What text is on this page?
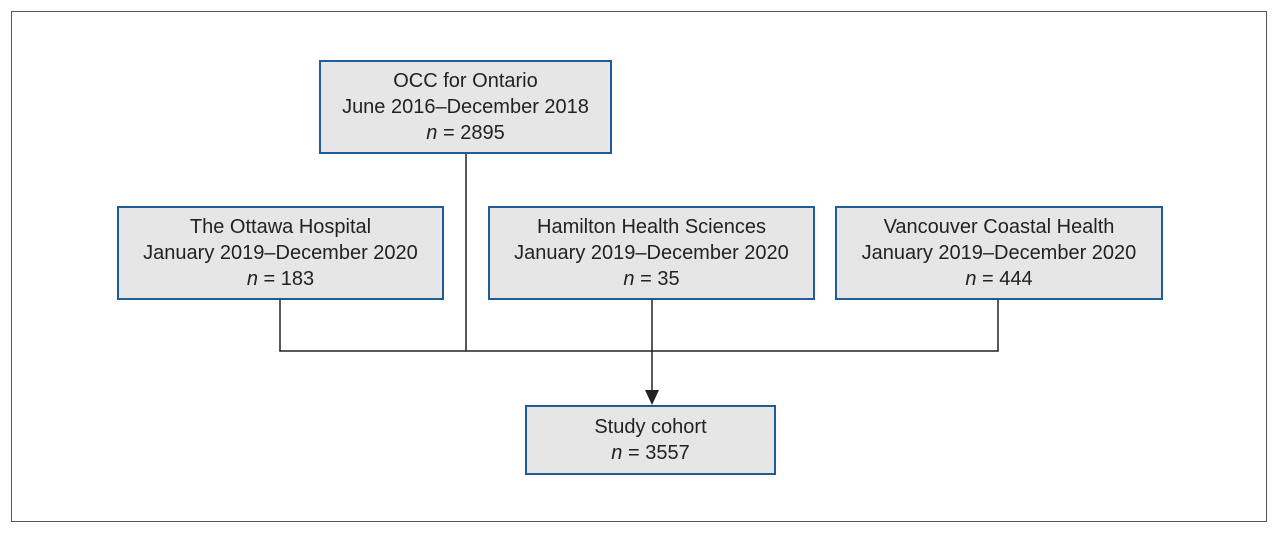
OCC for Ontario
June 2016–December 2018
n = 2895
The Ottawa Hospital
January 2019–December 2020
n = 183
Hamilton Health Sciences
January 2019–December 2020
n = 35
Vancouver Coastal Health
January 2019–December 2020
n = 444
Study cohort
n = 3557
